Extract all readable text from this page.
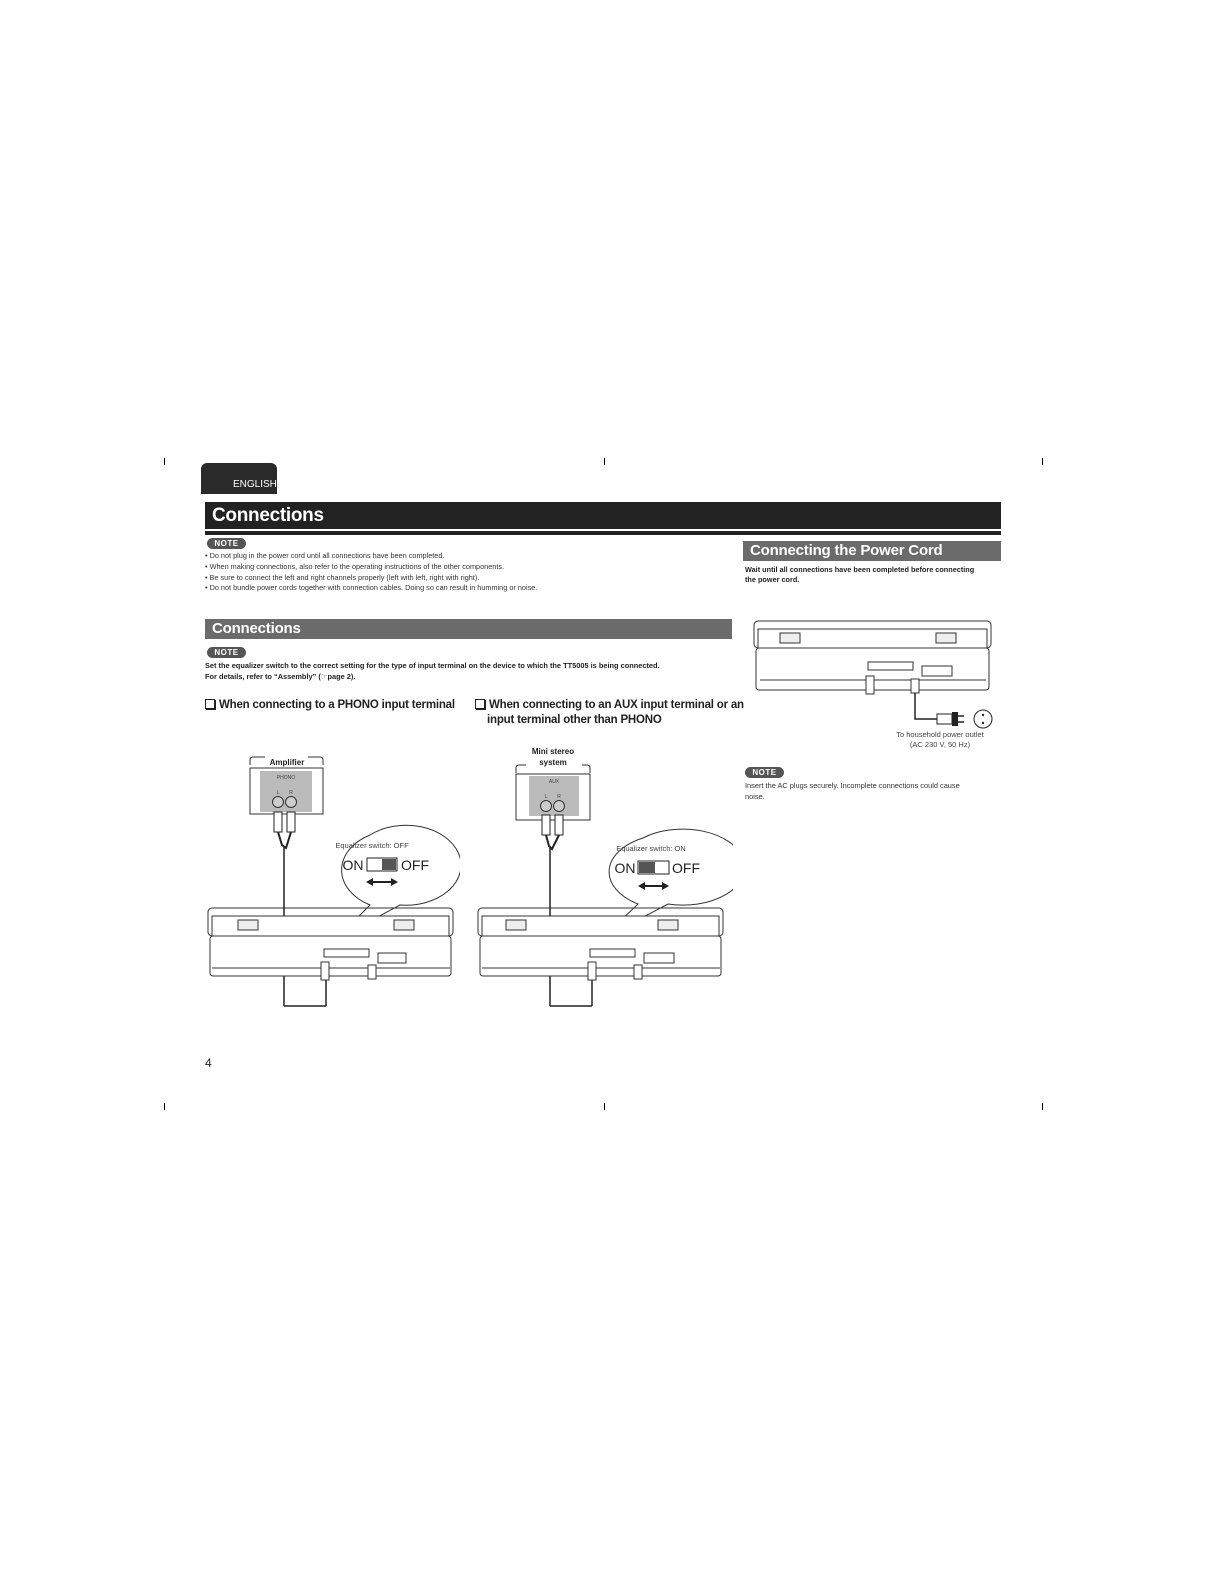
ENGLISH
Connections
NOTE
• Do not plug in the power cord until all connections have been completed.
• When making connections, also refer to the operating instructions of the other components.
• Be sure to connect the left and right channels properly (left with left, right with right).
• Do not bundle power cords together with connection cables. Doing so can result in humming or noise.
Connections
NOTE
Set the equalizer switch to the correct setting for the type of input terminal on the device to which the TT5005 is being connected.
For details, refer to “Assembly” (☞page 2).
When connecting to a PHONO input terminal	When connecting to an AUX input terminal or an
input terminal other than PHONO
Amplifier
PHONO
L R
Equalizer switch: OFF
ON	OFF
Mini stereo
system
AUX
L R
Equalizer switch: ON
ON	OFF
Connecting the Power Cord
Wait until all connections have been completed before connecting
the power cord.
To household power outlet
(AC 230 V, 50 Hz)
NOTE
Insert the AC plugs securely. Incomplete connections could cause
noise.
4
